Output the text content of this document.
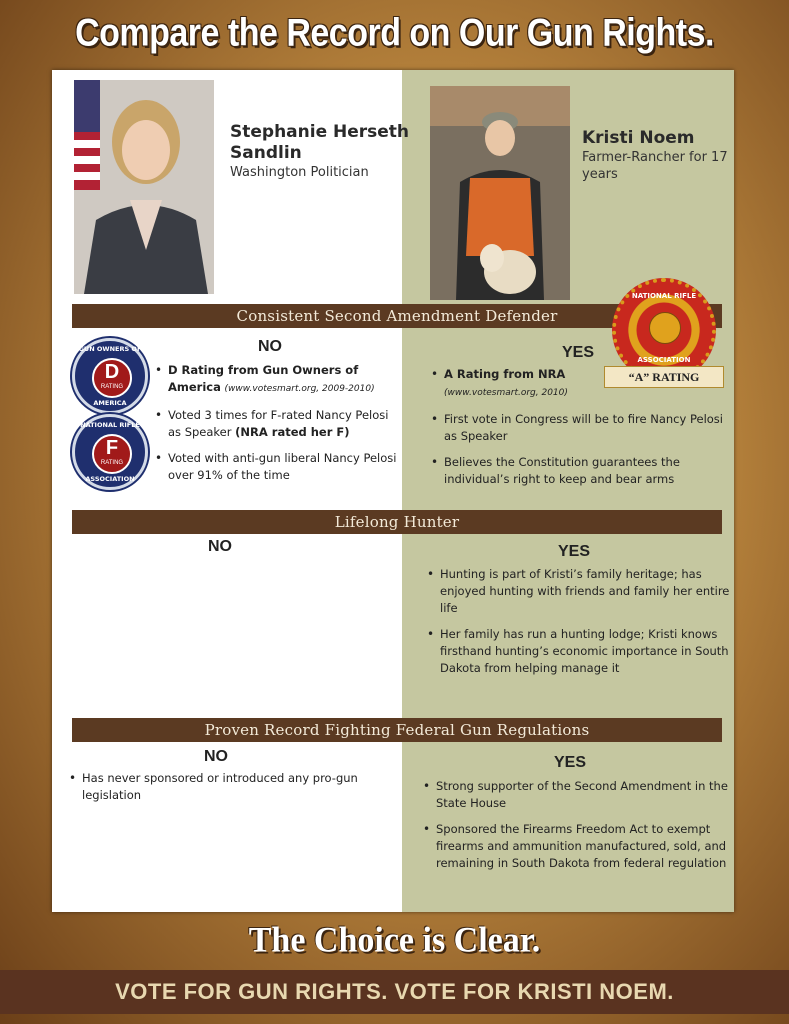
Compare the Record on Our Gun Rights.
Stephanie Herseth Sandlin
Washington Politician
Kristi Noem
Farmer-Rancher for 17 years
Consistent Second Amendment Defender
NATIONAL RIFLE
ASSOCIATION
“A” RATING
NO	YES
GUN OWNERS OF
D
RATING
AMERICA
NATIONAL RIFLE
F
RATING
ASSOCIATION
• D Rating from Gun Owners of America (www.votesmart.org, 2009-2010)
• Voted 3 times for F-rated Nancy Pelosi as Speaker (NRA rated her F)
• Voted with anti-gun liberal Nancy Pelosi over 91% of the time
• A Rating from NRA
(www.votesmart.org, 2010)
• First vote in Congress will be to fire Nancy Pelosi as Speaker
• Believes the Constitution guarantees the individual’s right to keep and bear arms
Lifelong Hunter
NO	YES
• Hunting is part of Kristi’s family heritage; has enjoyed hunting with friends and family her entire life
• Her family has run a hunting lodge; Kristi knows firsthand hunting’s economic importance in South Dakota from helping manage it
Proven Record Fighting Federal Gun Regulations
NO	YES
• Has never sponsored or introduced any pro-gun legislation
• Strong supporter of the Second Amendment in the State House
• Sponsored the Firearms Freedom Act to exempt firearms and ammunition manufactured, sold, and remaining in South Dakota from federal regulation
The Choice is Clear.
VOTE FOR GUN RIGHTS. VOTE FOR KRISTI NOEM.
